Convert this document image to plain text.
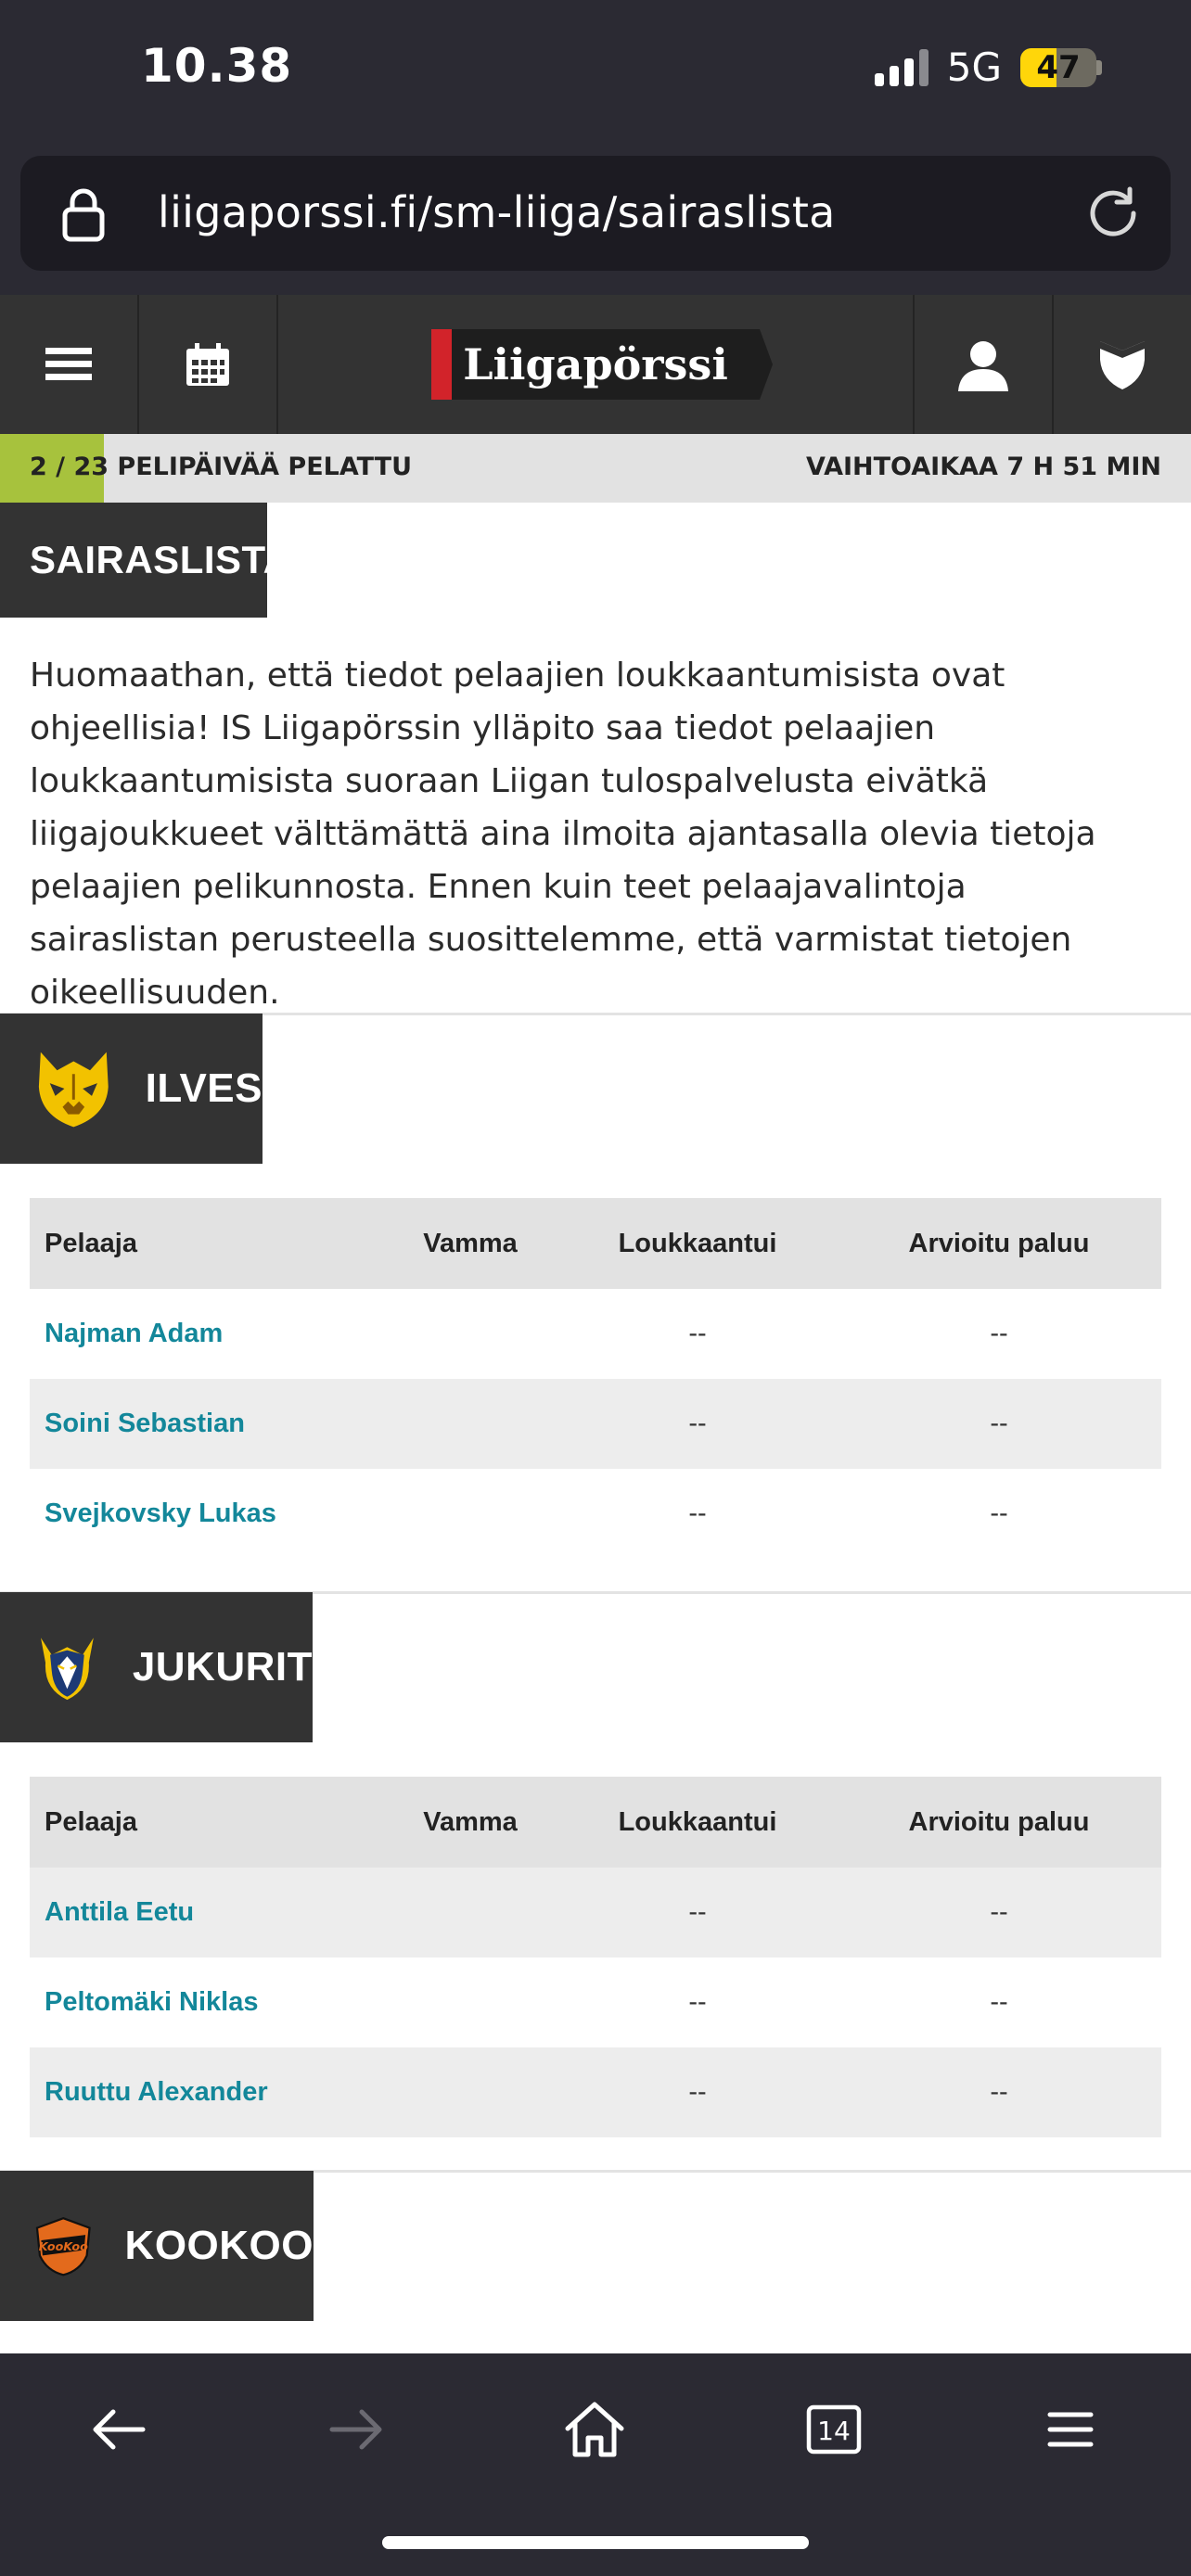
10.38	5G	47
liigaporssi.fi/sm-liiga/sairaslista
Liigapörssi
2 / 23 PELIPÄIVÄÄ PELATTU	VAIHTOAIKAA 7 H 51 MIN
SAIRASLISTA

Huomaathan, että tiedot pelaajien loukkaantumisista ovat ohjeellisia! IS Liigapörssin ylläpito saa tiedot pelaajien loukkaantumisista suoraan Liigan tulospalvelusta eivätkä liigajoukkueet välttämättä aina ilmoita ajantasalla olevia tietoja pelaajien pelikunnosta. Ennen kuin teet pelaajavalintoja sairaslistan perusteella suosittelemme, että varmistat tietojen oikeellisuuden.

ILVES
Pelaaja	Vamma	Loukkaantui	Arvioitu paluu
Najman Adam		--	--
Soini Sebastian		--	--
Svejkovsky Lukas		--	--
JUKURIT
Pelaaja	Vamma	Loukkaantui	Arvioitu paluu
Anttila Eetu		--	--
Peltomäki Niklas		--	--
Ruuttu Alexander		--	--
KooKoo KOOKOO
14
